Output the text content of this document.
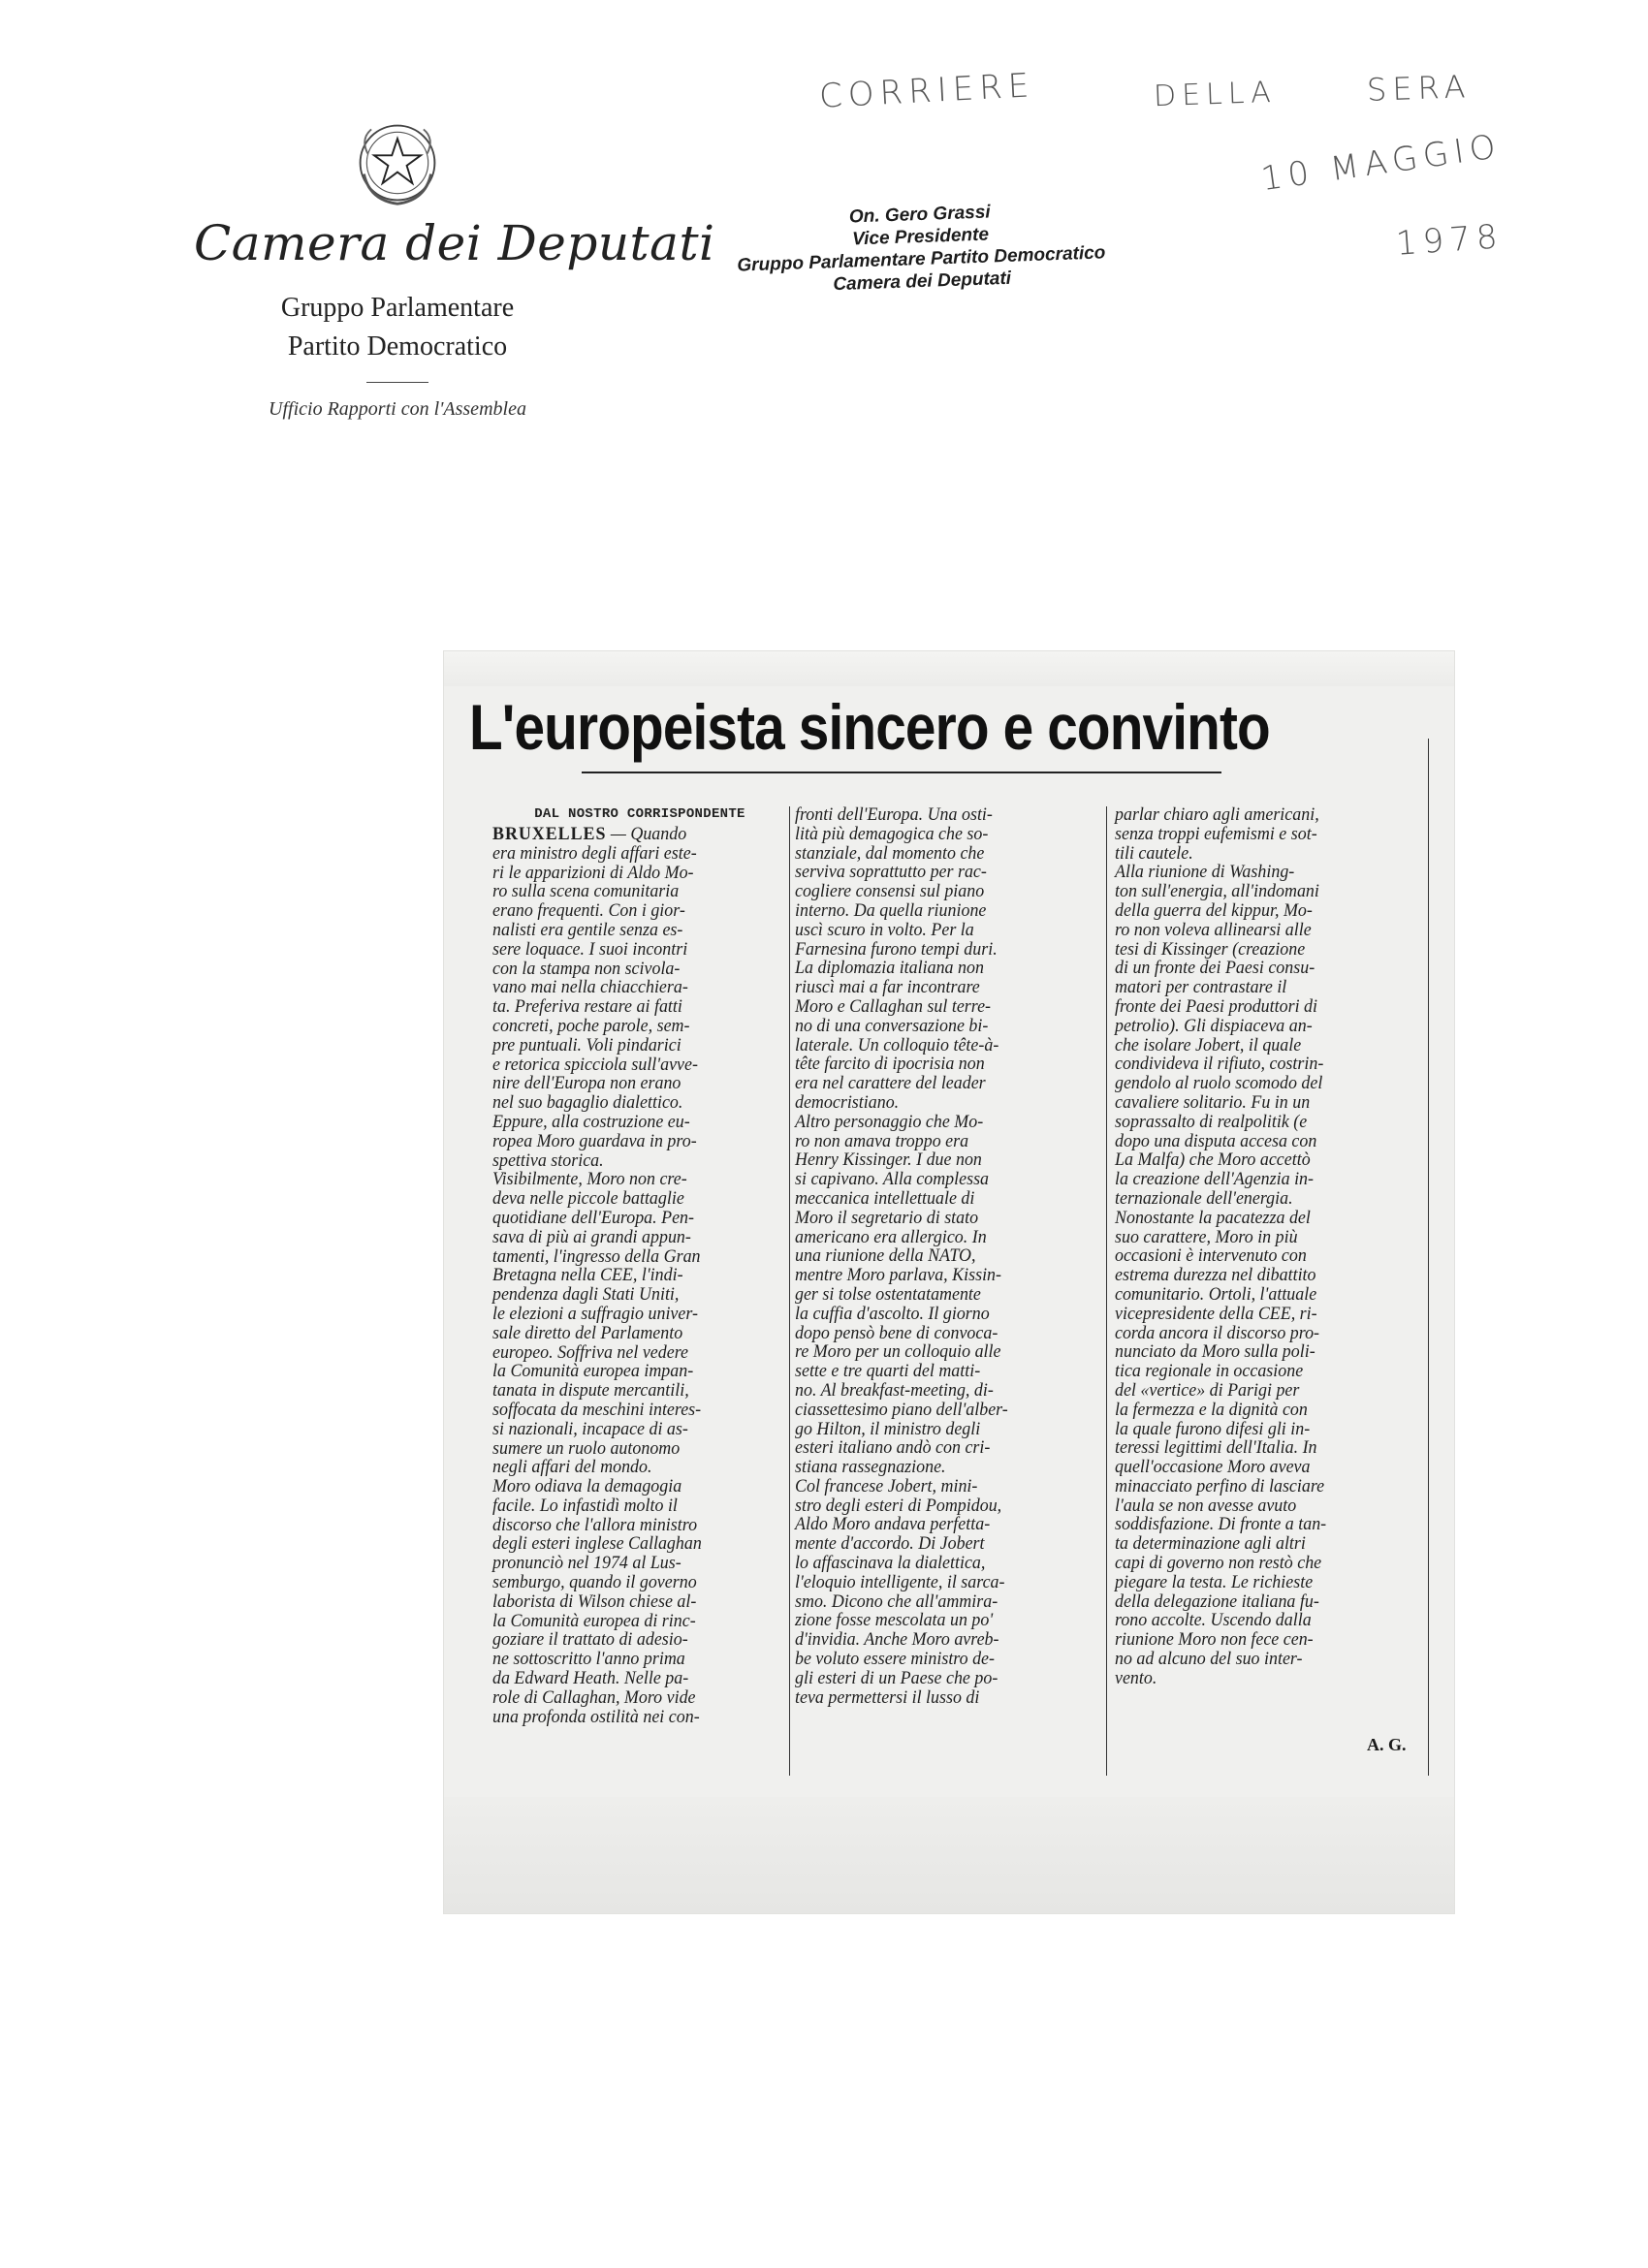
Camera dei Deputati
Gruppo Parlamentare
Partito Democratico
Ufficio Rapporti con l'Assemblea
On. Gero Grassi
Vice Presidente
Gruppo Parlamentare Partito Democratico
Camera dei Deputati
CORRIERE	DELLA	SERA
10 MAGGIO
1978
L'europeista sincero e convinto
DAL NOSTRO CORRISPONDENTE
BRUXELLES — Quando
era ministro degli affari este-
ri le apparizioni di Aldo Mo-
ro sulla scena comunitaria
erano frequenti. Con i gior-
nalisti era gentile senza es-
sere loquace. I suoi incontri
con la stampa non scivola-
vano mai nella chiacchiera-
ta. Preferiva restare ai fatti
concreti, poche parole, sem-
pre puntuali. Voli pindarici
e retorica spicciola sull'avve-
nire dell'Europa non erano
nel suo bagaglio dialettico.
Eppure, alla costruzione eu-
ropea Moro guardava in pro-
spettiva storica.
Visibilmente, Moro non cre-
deva nelle piccole battaglie
quotidiane dell'Europa. Pen-
sava di più ai grandi appun-
tamenti, l'ingresso della Gran
Bretagna nella CEE, l'indi-
pendenza dagli Stati Uniti,
le elezioni a suffragio univer-
sale diretto del Parlamento
europeo. Soffriva nel vedere
la Comunità europea impan-
tanata in dispute mercantili,
soffocata da meschini interes-
si nazionali, incapace di as-
sumere un ruolo autonomo
negli affari del mondo.
Moro odiava la demagogia
facile. Lo infastidì molto il
discorso che l'allora ministro
degli esteri inglese Callaghan
pronunciò nel 1974 al Lus-
semburgo, quando il governo
laborista di Wilson chiese al-
la Comunità europea di rinc-
goziare il trattato di adesio-
ne sottoscritto l'anno prima
da Edward Heath. Nelle pa-
role di Callaghan, Moro vide
una profonda ostilità nei con-
fronti dell'Europa. Una osti-
lità più demagogica che so-
stanziale, dal momento che
serviva soprattutto per rac-
cogliere consensi sul piano
interno. Da quella riunione
uscì scuro in volto. Per la
Farnesina furono tempi duri.
La diplomazia italiana non
riuscì mai a far incontrare
Moro e Callaghan sul terre-
no di una conversazione bi-
laterale. Un colloquio tête-à-
tête farcito di ipocrisia non
era nel carattere del leader
democristiano.
Altro personaggio che Mo-
ro non amava troppo era
Henry Kissinger. I due non
si capivano. Alla complessa
meccanica intellettuale di
Moro il segretario di stato
americano era allergico. In
una riunione della NATO,
mentre Moro parlava, Kissin-
ger si tolse ostentatamente
la cuffia d'ascolto. Il giorno
dopo pensò bene di convoca-
re Moro per un colloquio alle
sette e tre quarti del matti-
no. Al breakfast-meeting, di-
ciassettesimo piano dell'alber-
go Hilton, il ministro degli
esteri italiano andò con cri-
stiana rassegnazione.
Col francese Jobert, mini-
stro degli esteri di Pompidou,
Aldo Moro andava perfetta-
mente d'accordo. Di Jobert
lo affascinava la dialettica,
l'eloquio intelligente, il sarca-
smo. Dicono che all'ammira-
zione fosse mescolata un po'
d'invidia. Anche Moro avreb-
be voluto essere ministro de-
gli esteri di un Paese che po-
teva permettersi il lusso di
parlar chiaro agli americani,
senza troppi eufemismi e sot-
tili cautele.
Alla riunione di Washing-
ton sull'energia, all'indomani
della guerra del kippur, Mo-
ro non voleva allinearsi alle
tesi di Kissinger (creazione
di un fronte dei Paesi consu-
matori per contrastare il
fronte dei Paesi produttori di
petrolio). Gli dispiaceva an-
che isolare Jobert, il quale
condivideva il rifiuto, costrin-
gendolo al ruolo scomodo del
cavaliere solitario. Fu in un
soprassalto di realpolitik (e
dopo una disputa accesa con
La Malfa) che Moro accettò
la creazione dell'Agenzia in-
ternazionale dell'energia.
Nonostante la pacatezza del
suo carattere, Moro in più
occasioni è intervenuto con
estrema durezza nel dibattito
comunitario. Ortoli, l'attuale
vicepresidente della CEE, ri-
corda ancora il discorso pro-
nunciato da Moro sulla poli-
tica regionale in occasione
del «vertice» di Parigi per
la fermezza e la dignità con
la quale furono difesi gli in-
teressi legittimi dell'Italia. In
quell'occasione Moro aveva
minacciato perfino di lasciare
l'aula se non avesse avuto
soddisfazione. Di fronte a tan-
ta determinazione agli altri
capi di governo non restò che
piegare la testa. Le richieste
della delegazione italiana fu-
rono accolte. Uscendo dalla
riunione Moro non fece cen-
no ad alcuno del suo inter-
vento.
A. G.
